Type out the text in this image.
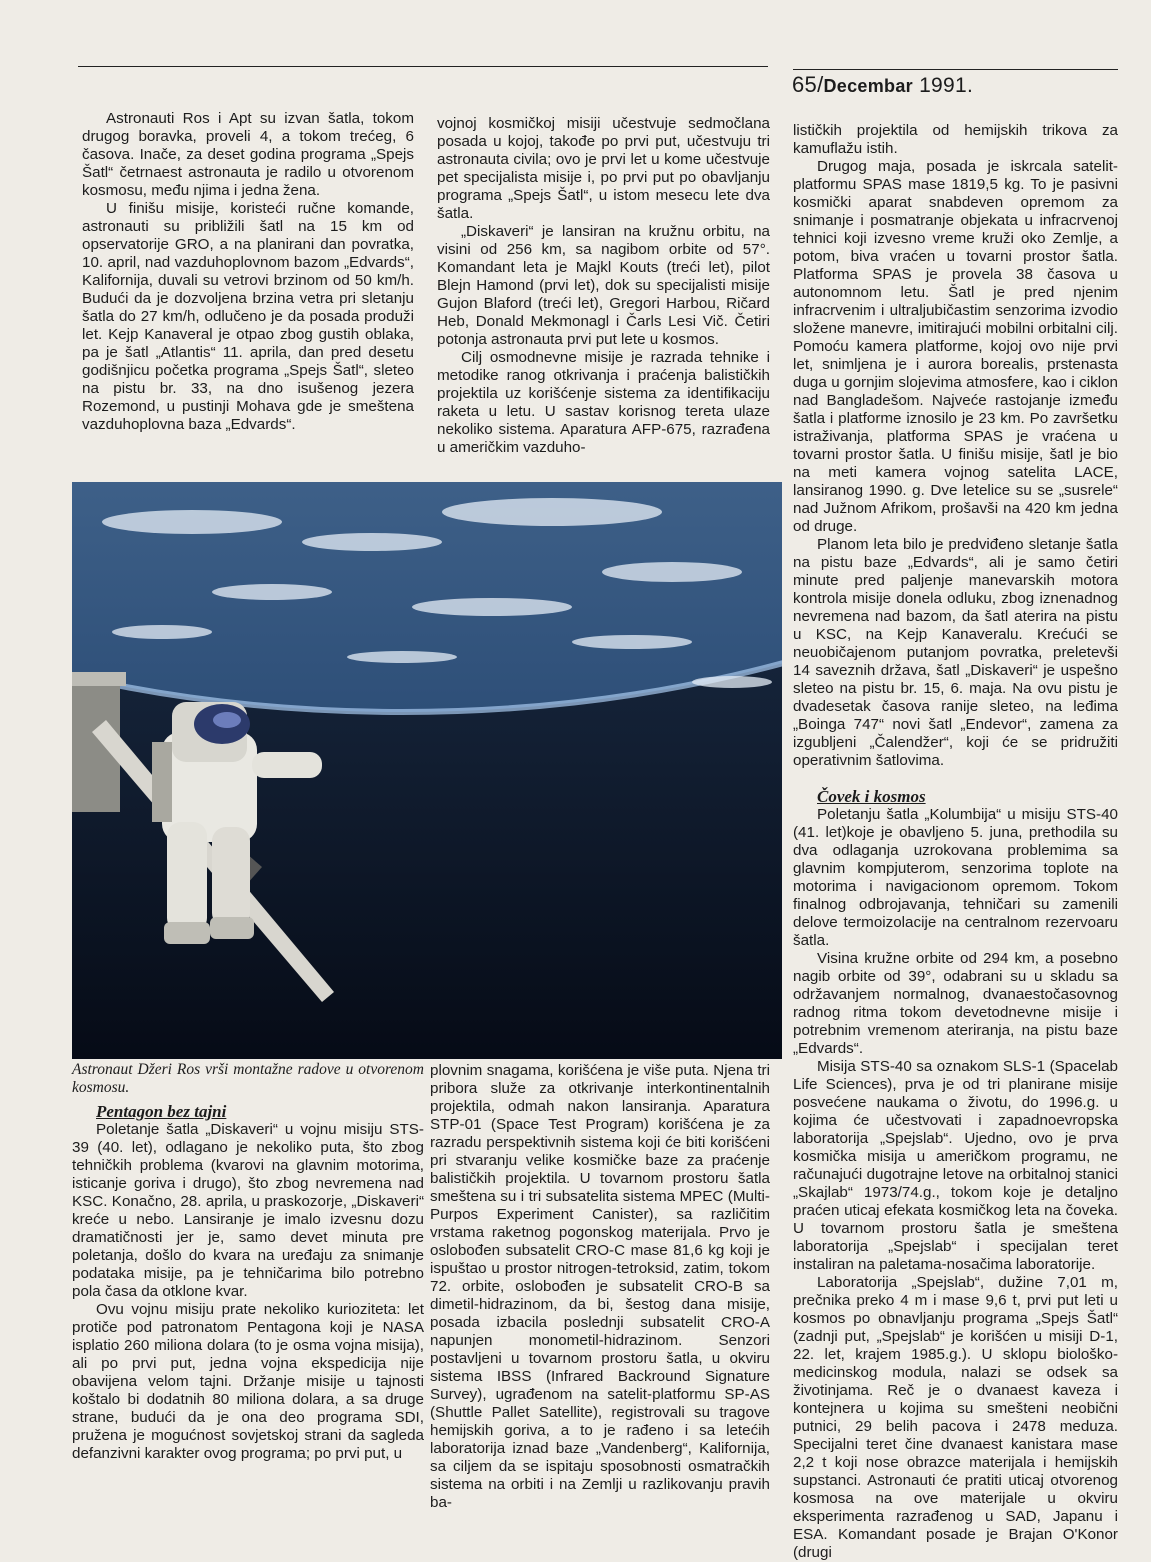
65/Decembar 1991.

Astronauti Ros i Apt su izvan šatla, tokom drugog boravka, proveli 4, a tokom trećeg, 6 časova. Inače, za deset godina programa „Spejs Šatl“ četrnaest astronauta je radilo u otvorenom kosmosu, među njima i jedna žena.

U finišu misije, koristeći ručne komande, astronauti su približili šatl na 15 km od opservatorije GRO, a na planirani dan povratka, 10. april, nad vazduhoplovnom bazom „Edvards“, Kalifornija, duvali su vetrovi brzinom od 50 km/h. Budući da je dozvoljena brzina vetra pri sletanju šatla do 27 km/h, odlučeno je da posada produži let. Kejp Kanaveral je otpao zbog gustih oblaka, pa je šatl „Atlantis“ 11. aprila, dan pred desetu godišnjicu početka programa „Spejs Šatl“, sleteo na pistu br. 33, na dno isušenog jezera Rozemond, u pustinji Mohava gde je smeštena vazduhoplovna baza „Edvards“.

vojnoj kosmičkoj misiji učestvuje sedmočlana posada u kojoj, takođe po prvi put, učestvuju tri astronauta civila; ovo je prvi let u kome učestvuje pet specijalista misije i, po prvi put po obavljanju programa „Spejs Šatl“, u istom mesecu lete dva šatla.

„Diskaveri“ je lansiran na kružnu orbitu, na visini od 256 km, sa nagibom orbite od 57°. Komandant leta je Majkl Kouts (treći let), pilot Blejn Hamond (prvi let), dok su specijalisti misije Gujon Blaford (treći let), Gregori Harbou, Ričard Heb, Donald Mekmonagl i Čarls Lesi Vič. Četiri potonja astronauta prvi put lete u kosmos.

Cilj osmodnevne misije je razrada tehnike i metodike ranog otkrivanja i praćenja balističkih projektila uz korišćenje sistema za identifikaciju raketa u letu. U sastav korisnog tereta ulaze nekoliko sistema. Aparatura AFP-675, razrađena u američkim vazduho-

Astronaut Džeri Ros vrši montažne radove u otvorenom kosmosu.

Pentagon bez tajni

Poletanje šatla „Diskaveri“ u vojnu misiju STS-39 (40. let), odlagano je nekoliko puta, što zbog tehničkih problema (kvarovi na glavnim motorima, isticanje goriva i drugo), što zbog nevremena nad KSC. Konačno, 28. aprila, u praskozorje, „Diskaveri“ kreće u nebo. Lansiranje je imalo izvesnu dozu dramatičnosti jer je, samo devet minuta pre poletanja, došlo do kvara na uređaju za snimanje podataka misije, pa je tehničarima bilo potrebno pola časa da otklone kvar.

Ovu vojnu misiju prate nekoliko kurioziteta: let protiče pod patronatom Pentagona koji je NASA isplatio 260 miliona dolara (to je osma vojna misija), ali po prvi put, jedna vojna ekspedicija nije obavijena velom tajni. Držanje misije u tajnosti koštalo bi dodatnih 80 miliona dolara, a sa druge strane, budući da je ona deo programa SDI, pružena je mogućnost sovjetskoj strani da sagleda defanzivni karakter ovog programa; po prvi put, u

plovnim snagama, korišćena je više puta. Njena tri pribora služe za otkrivanje interkontinentalnih projektila, odmah nakon lansiranja. Aparatura STP-01 (Space Test Program) korišćena je za razradu perspektivnih sistema koji će biti korišćeni pri stvaranju velike kosmičke baze za praćenje balističkih projektila. U tovarnom prostoru šatla smeštena su i tri subsatelita sistema MPEC (Multi-Purpos Experiment Canister), sa različitim vrstama raketnog pogonskog materijala. Prvo je oslobođen subsatelit CRO-C mase 81,6 kg koji je ispuštao u prostor nitrogen-tetroksid, zatim, tokom 72. orbite, oslobođen je subsatelit CRO-B sa dimetil-hidrazinom, da bi, šestog dana misije, posada izbacila poslednji subsatelit CRO-A napunjen monometil-hidrazinom. Senzori postavljeni u tovarnom prostoru šatla, u okviru sistema IBSS (Infrared Backround Signature Survey), ugrađenom na satelit-platformu SP-AS (Shuttle Pallet Satellite), registrovali su tragove hemijskih goriva, a to je rađeno i sa letećih laboratorija iznad baze „Vandenberg“, Kalifornija, sa ciljem da se ispitaju sposobnosti osmatračkih sistema na orbiti i na Zemlji u razlikovanju pravih ba-

lističkih projektila od hemijskih trikova za kamuflažu istih.

Drugog maja, posada je iskrcala satelit-platformu SPAS mase 1819,5 kg. To je pasivni kosmički aparat snabdeven opremom za snimanje i posmatranje objekata u infracrvenoj tehnici koji izvesno vreme kruži oko Zemlje, a potom, biva vraćen u tovarni prostor šatla. Platforma SPAS je provela 38 časova u autonomnom letu. Šatl je pred njenim infracrvenim i ultraljubičastim senzorima izvodio složene manevre, imitirajući mobilni orbitalni cilj. Pomoću kamera platforme, kojoj ovo nije prvi let, snimljena je i aurora borealis, prstenasta duga u gornjim slojevima atmosfere, kao i ciklon nad Bangladešom. Najveće rastojanje između šatla i platforme iznosilo je 23 km. Po završetku istraživanja, platforma SPAS je vraćena u tovarni prostor šatla. U finišu misije, šatl je bio na meti kamera vojnog satelita LACE, lansiranog 1990. g. Dve letelice su se „susrele“ nad Južnom Afrikom, prošavši na 420 km jedna od druge.

Planom leta bilo je predviđeno sletanje šatla na pistu baze „Edvards“, ali je samo četiri minute pred paljenje manevarskih motora kontrola misije donela odluku, zbog iznenadnog nevremena nad bazom, da šatl aterira na pistu u KSC, na Kejp Kanaveralu. Krećući se neuobičajenom putanjom povratka, preletevši 14 saveznih država, šatl „Diskaveri“ je uspešno sleteo na pistu br. 15, 6. maja. Na ovu pistu je dvadesetak časova ranije sleteo, na leđima „Boinga 747“ novi šatl „Endevor“, zamena za izgubljeni „Čalendžer“, koji će se pridružiti operativnim šatlovima.

Čovek i kosmos

Poletanju šatla „Kolumbija“ u misiju STS-40 (41. let)koje je obavljeno 5. juna, prethodila su dva odlaganja uzrokovana problemima sa glavnim kompjuterom, senzorima toplote na motorima i navigacionom opremom. Tokom finalnog odbrojavanja, tehničari su zamenili delove termoizolacije na centralnom rezervoaru šatla.

Visina kružne orbite od 294 km, a posebno nagib orbite od 39°, odabrani su u skladu sa održavanjem normalnog, dvanaestočasovnog radnog ritma tokom devetodnevne misije i potrebnim vremenom ateriranja, na pistu baze „Edvards“.

Misija STS-40 sa oznakom SLS-1 (Spacelab Life Sciences), prva je od tri planirane misije posvećene naukama o životu, do 1996.g. u kojima će učestvovati i zapadnoevropska laboratorija „Spejslab“. Ujedno, ovo je prva kosmička misija u američkom programu, ne računajući dugotrajne letove na orbitalnoj stanici „Skajlab“ 1973/74.g., tokom koje je detaljno praćen uticaj efekata kosmičkog leta na čoveka. U tovarnom prostoru šatla je smeštena laboratorija „Spejslab“ i specijalan teret instaliran na paletama-nosačima laboratorije.

Laboratorija „Spejslab“, dužine 7,01 m, prečnika preko 4 m i mase 9,6 t, prvi put leti u kosmos po obnavljanju programa „Spejs Šatl“ (zadnji put, „Spejslab“ je korišćen u misiji D-1, 22. let, krajem 1985.g.). U sklopu biološko-medicinskog modula, nalazi se odsek sa životinjama. Reč je o dvanaest kaveza i kontejnera u kojima su smešteni neobični putnici, 29 belih pacova i 2478 meduza. Specijalni teret čine dvanaest kanistara mase 2,2 t koji nose obrazce materijala i hemijskih supstanci. Astronauti će pratiti uticaj otvorenog kosmosa na ove materijale u okviru eksperimenta razrađenog u SAD, Japanu i ESA. Komandant posade je Brajan O'Konor (drugi
